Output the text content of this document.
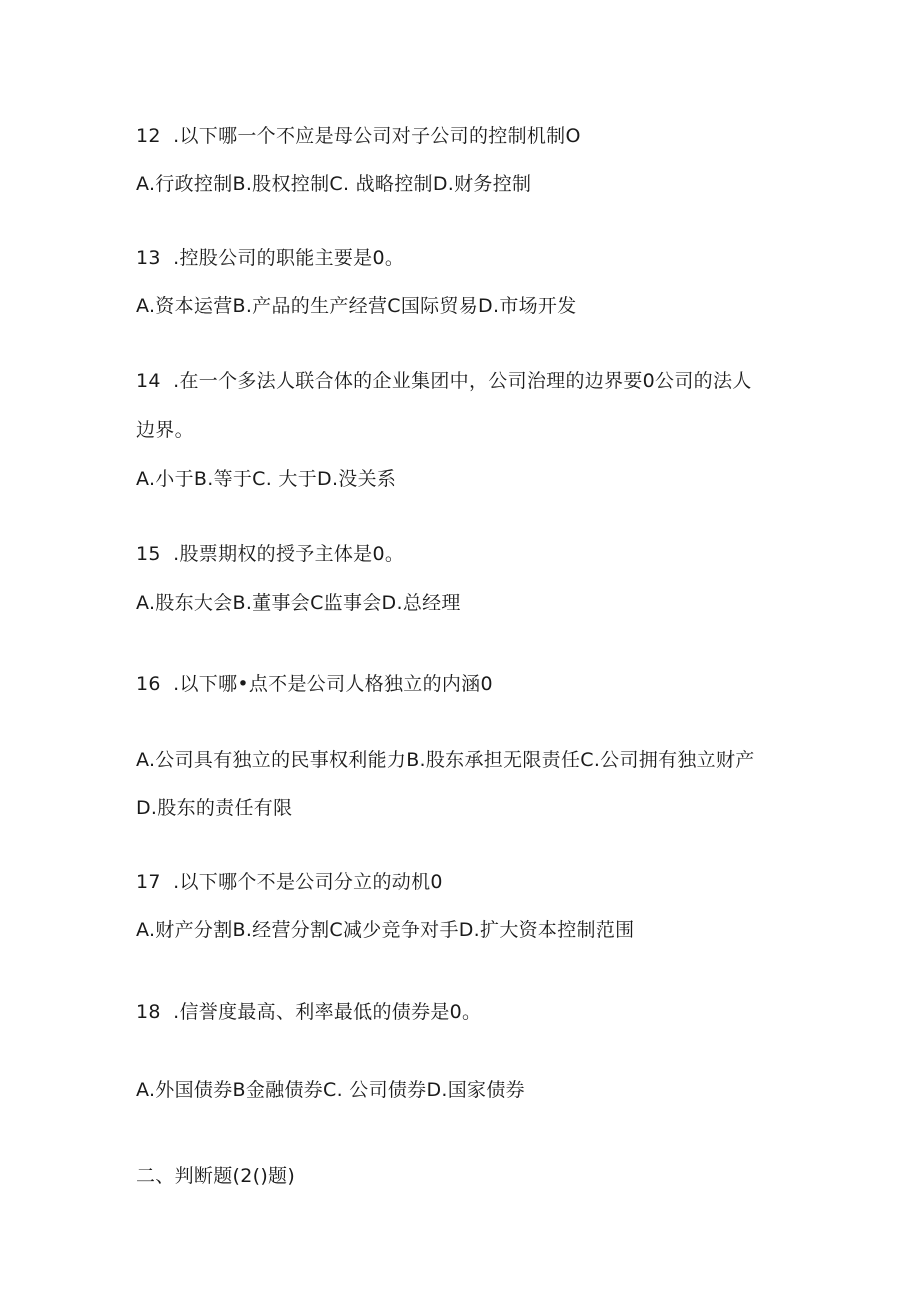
12 .以下哪一个不应是母公司对子公司的控制机制O
A.行政控制B.股权控制C. 战略控制D.财务控制
13 .控股公司的职能主要是0。
A.资本运营B.产品的生产经营C国际贸易D.市场开发
14 .在一个多法人联合体的企业集团中，公司治理的边界要0公司的法人
边界。
A.小于B.等于C. 大于D.没关系
15 .股票期权的授予主体是0。
A.股东大会B.董事会C监事会D.总经理
16 .以下哪•点不是公司人格独立的内涵0
A.公司具有独立的民事权利能力B.股东承担无限责任C.公司拥有独立财产
D.股东的责任有限
17 .以下哪个不是公司分立的动机0
A.财产分割B.经营分割C减少竞争对手D.扩大资本控制范围
18 .信誉度最高、利率最低的债券是0。
A.外国债券B金融债券C. 公司债券D.国家债券
二、判断题(2()题)
